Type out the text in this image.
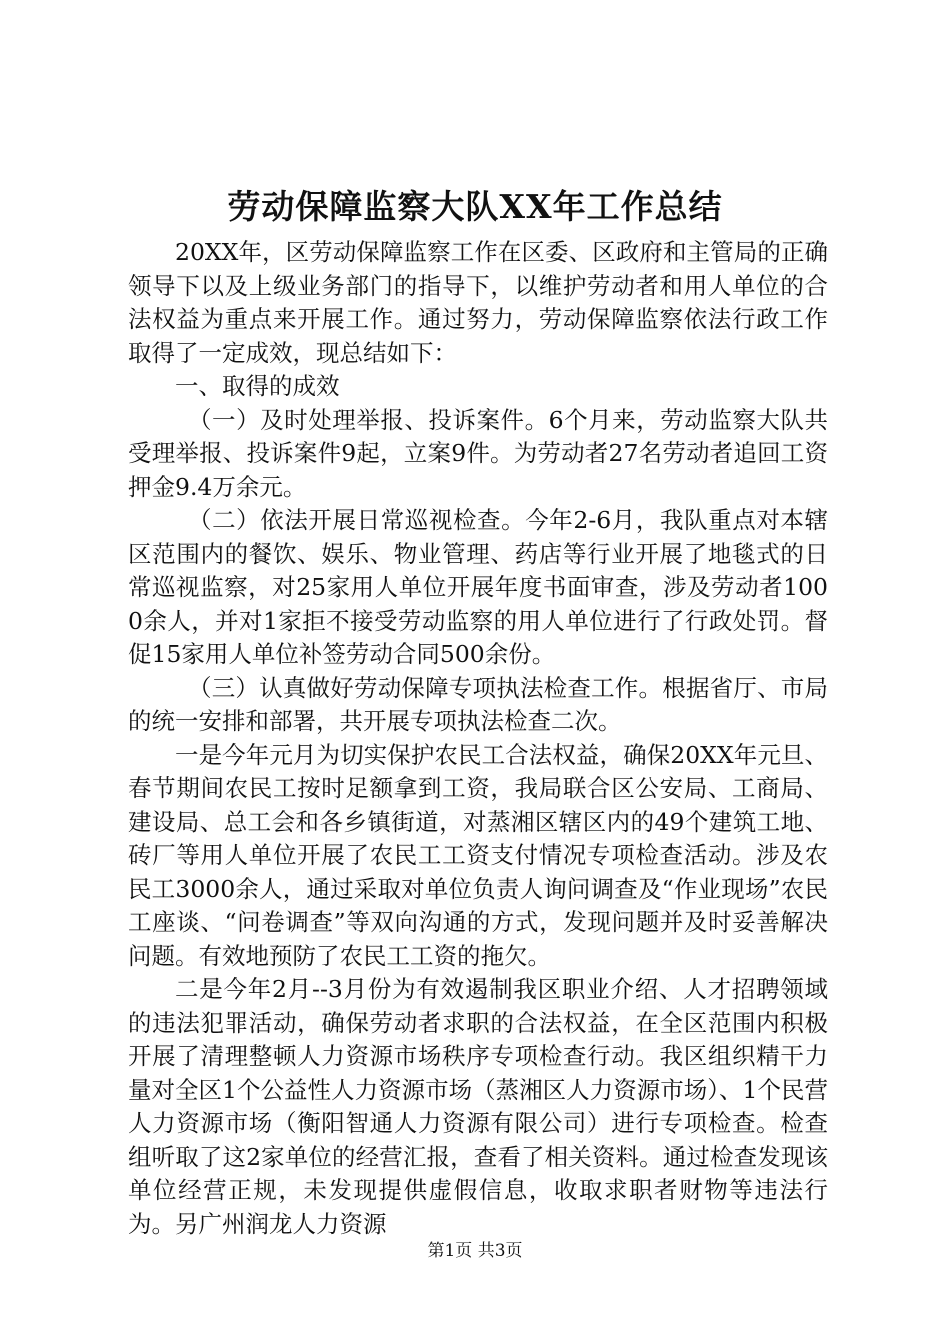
劳动保障监察大队XX年工作总结

20XX年，区劳动保障监察工作在区委、区政府和主管局的正确领导下以及上级业务部门的指导下，以维护劳动者和用人单位的合法权益为重点来开展工作。通过努力，劳动保障监察依法行政工作取得了一定成效，现总结如下：

一、取得的成效

（一）及时处理举报、投诉案件。6个月来，劳动监察大队共受理举报、投诉案件9起，立案9件。为劳动者27名劳动者追回工资押金9.4万余元。

（二）依法开展日常巡视检查。今年2-6月，我队重点对本辖区范围内的餐饮、娱乐、物业管理、药店等行业开展了地毯式的日常巡视监察，对25家用人单位开展年度书面审查，涉及劳动者1000余人，并对1家拒不接受劳动监察的用人单位进行了行政处罚。督促15家用人单位补签劳动合同500余份。

（三）认真做好劳动保障专项执法检查工作。根据省厅、市局的统一安排和部署，共开展专项执法检查二次。

一是今年元月为切实保护农民工合法权益，确保20XX年元旦、春节期间农民工按时足额拿到工资，我局联合区公安局、工商局、建设局、总工会和各乡镇街道，对蒸湘区辖区内的49个建筑工地、砖厂等用人单位开展了农民工工资支付情况专项检查活动。涉及农民工3000余人，通过采取对单位负责人询问调查及“作业现场”农民工座谈、“问卷调查”等双向沟通的方式，发现问题并及时妥善解决问题。有效地预防了农民工工资的拖欠。

二是今年2月--3月份为有效遏制我区职业介绍、人才招聘领域的违法犯罪活动，确保劳动者求职的合法权益，在全区范围内积极开展了清理整顿人力资源市场秩序专项检查行动。我区组织精干力量对全区1个公益性人力资源市场（蒸湘区人力资源市场）、1个民营人力资源市场（衡阳智通人力资源有限公司）进行专项检查。检查组听取了这2家单位的经营汇报，查看了相关资料。通过检查发现该单位经营正规，未发现提供虚假信息，收取求职者财物等违法行为。另广州润龙人力资源

第1页 共3页
